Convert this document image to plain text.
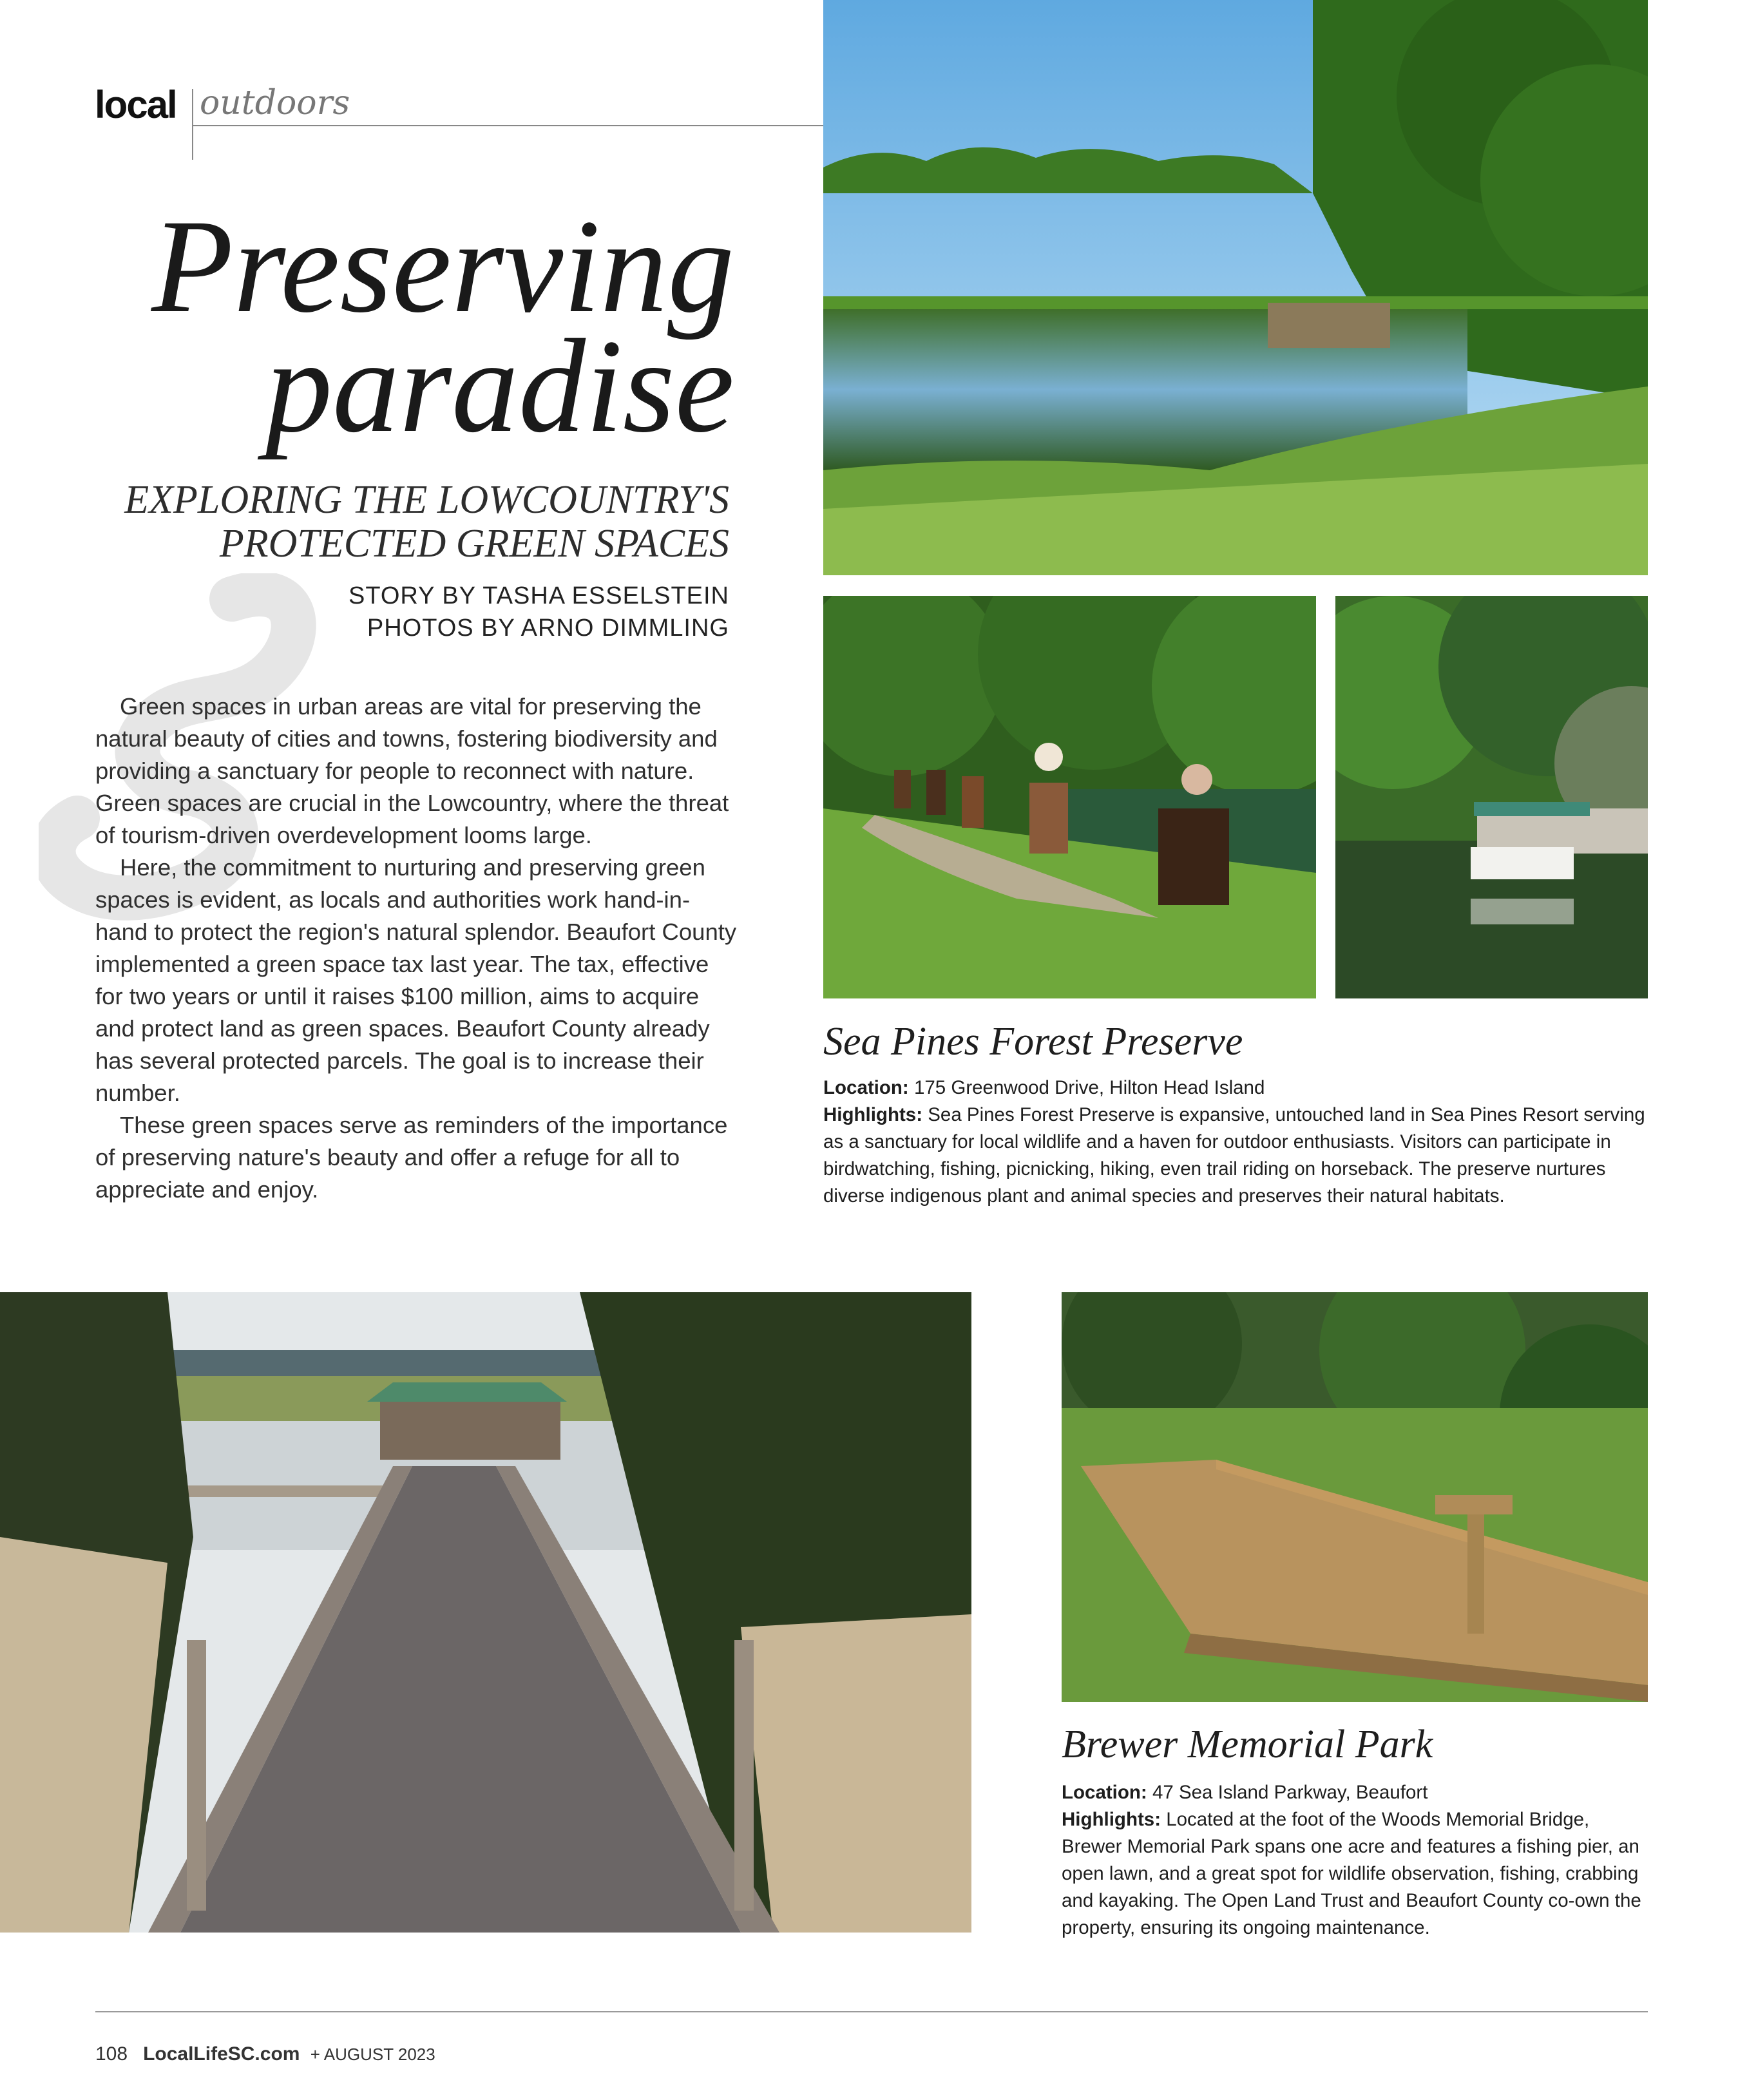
local outdoors
Preserving
paradise
EXPLORING THE LOWCOUNTRY'S
PROTECTED GREEN SPACES
STORY BY TASHA ESSELSTEIN
PHOTOS BY ARNO DIMMLING

Green spaces in urban areas are vital for preserving the natural beauty of cities and towns, fostering biodiversity and providing a sanctuary for people to reconnect with nature. Green spaces are crucial in the Lowcountry, where the threat of tourism-driven overdevelopment looms large.

Here, the commitment to nurturing and preserving green spaces is evident, as locals and authorities work hand-in-hand to protect the region's natural splendor. Beaufort County implemented a green space tax last year. The tax, effective for two years or until it raises $100 million, aims to acquire and protect land as green spaces. Beaufort County already has several protected parcels. The goal is to increase their number.

These green spaces serve as reminders of the importance of preserving nature's beauty and offer a refuge for all to appreciate and enjoy.

Sea Pines Forest Preserve
Location: 175 Greenwood Drive, Hilton Head Island
Highlights: Sea Pines Forest Preserve is expansive, untouched land in Sea Pines Resort serving as a sanctuary for local wildlife and a haven for outdoor enthusiasts. Visitors can participate in birdwatching, fishing, picnicking, hiking, even trail riding on horseback. The preserve nurtures diverse indigenous plant and animal species and preserves their natural habitats.
Brewer Memorial Park
Location: 47 Sea Island Parkway, Beaufort
Highlights: Located at the foot of the Woods Memorial Bridge, Brewer Memorial Park spans one acre and features a fishing pier, an open lawn, and a great spot for wildlife observation, fishing, crabbing and kayaking. The Open Land Trust and Beaufort County co-own the property, ensuring its ongoing maintenance.
108 LocalLifeSC.com + AUGUST 2023
